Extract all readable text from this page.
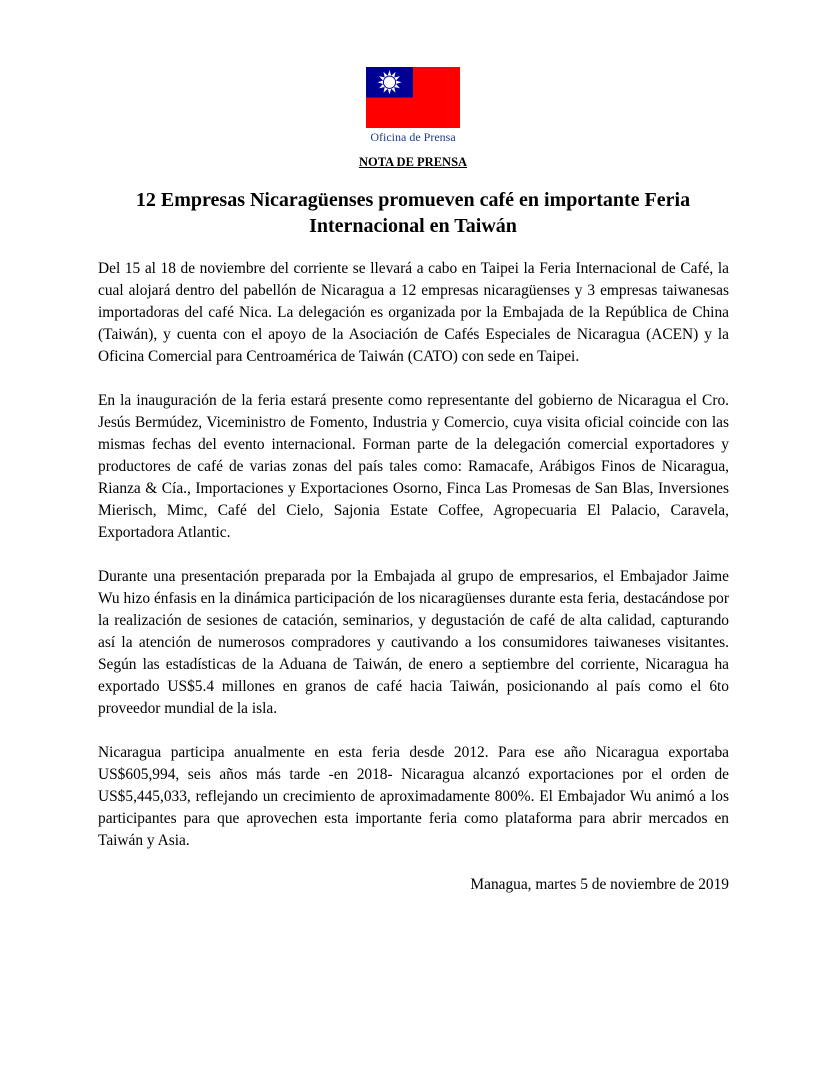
Oficina de Prensa
NOTA DE PRENSA
12 Empresas Nicaragüenses promueven café en importante Feria Internacional en Taiwán

Del 15 al 18 de noviembre del corriente se llevará a cabo en Taipei la Feria Internacional de Café, la cual alojará dentro del pabellón de Nicaragua a 12 empresas nicaragüenses y 3 empresas taiwanesas importadoras del café Nica. La delegación es organizada por la Embajada de la República de China (Taiwán), y cuenta con el apoyo de la Asociación de Cafés Especiales de Nicaragua (ACEN) y la Oficina Comercial para Centroamérica de Taiwán (CATO) con sede en Taipei.

En la inauguración de la feria estará presente como representante del gobierno de Nicaragua el Cro. Jesús Bermúdez, Viceministro de Fomento, Industria y Comercio, cuya visita oficial coincide con las mismas fechas del evento internacional. Forman parte de la delegación comercial exportadores y productores de café de varias zonas del país tales como: Ramacafe, Arábigos Finos de Nicaragua, Rianza & Cía., Importaciones y Exportaciones Osorno, Finca Las Promesas de San Blas, Inversiones Mierisch, Mimc, Café del Cielo, Sajonia Estate Coffee, Agropecuaria El Palacio, Caravela, Exportadora Atlantic.

Durante una presentación preparada por la Embajada al grupo de empresarios, el Embajador Jaime Wu hizo énfasis en la dinámica participación de los nicaragüenses durante esta feria, destacándose por la realización de sesiones de catación, seminarios, y degustación de café de alta calidad, capturando así la atención de numerosos compradores y cautivando a los consumidores taiwaneses visitantes. Según las estadísticas de la Aduana de Taiwán, de enero a septiembre del corriente, Nicaragua ha exportado US$5.4 millones en granos de café hacia Taiwán, posicionando al país como el 6to proveedor mundial de la isla.

Nicaragua participa anualmente en esta feria desde 2012. Para ese año Nicaragua exportaba US$605,994, seis años más tarde -en 2018- Nicaragua alcanzó exportaciones por el orden de US$5,445,033, reflejando un crecimiento de aproximadamente 800%. El Embajador Wu animó a los participantes para que aprovechen esta importante feria como plataforma para abrir mercados en Taiwán y Asia.

Managua, martes 5 de noviembre de 2019
